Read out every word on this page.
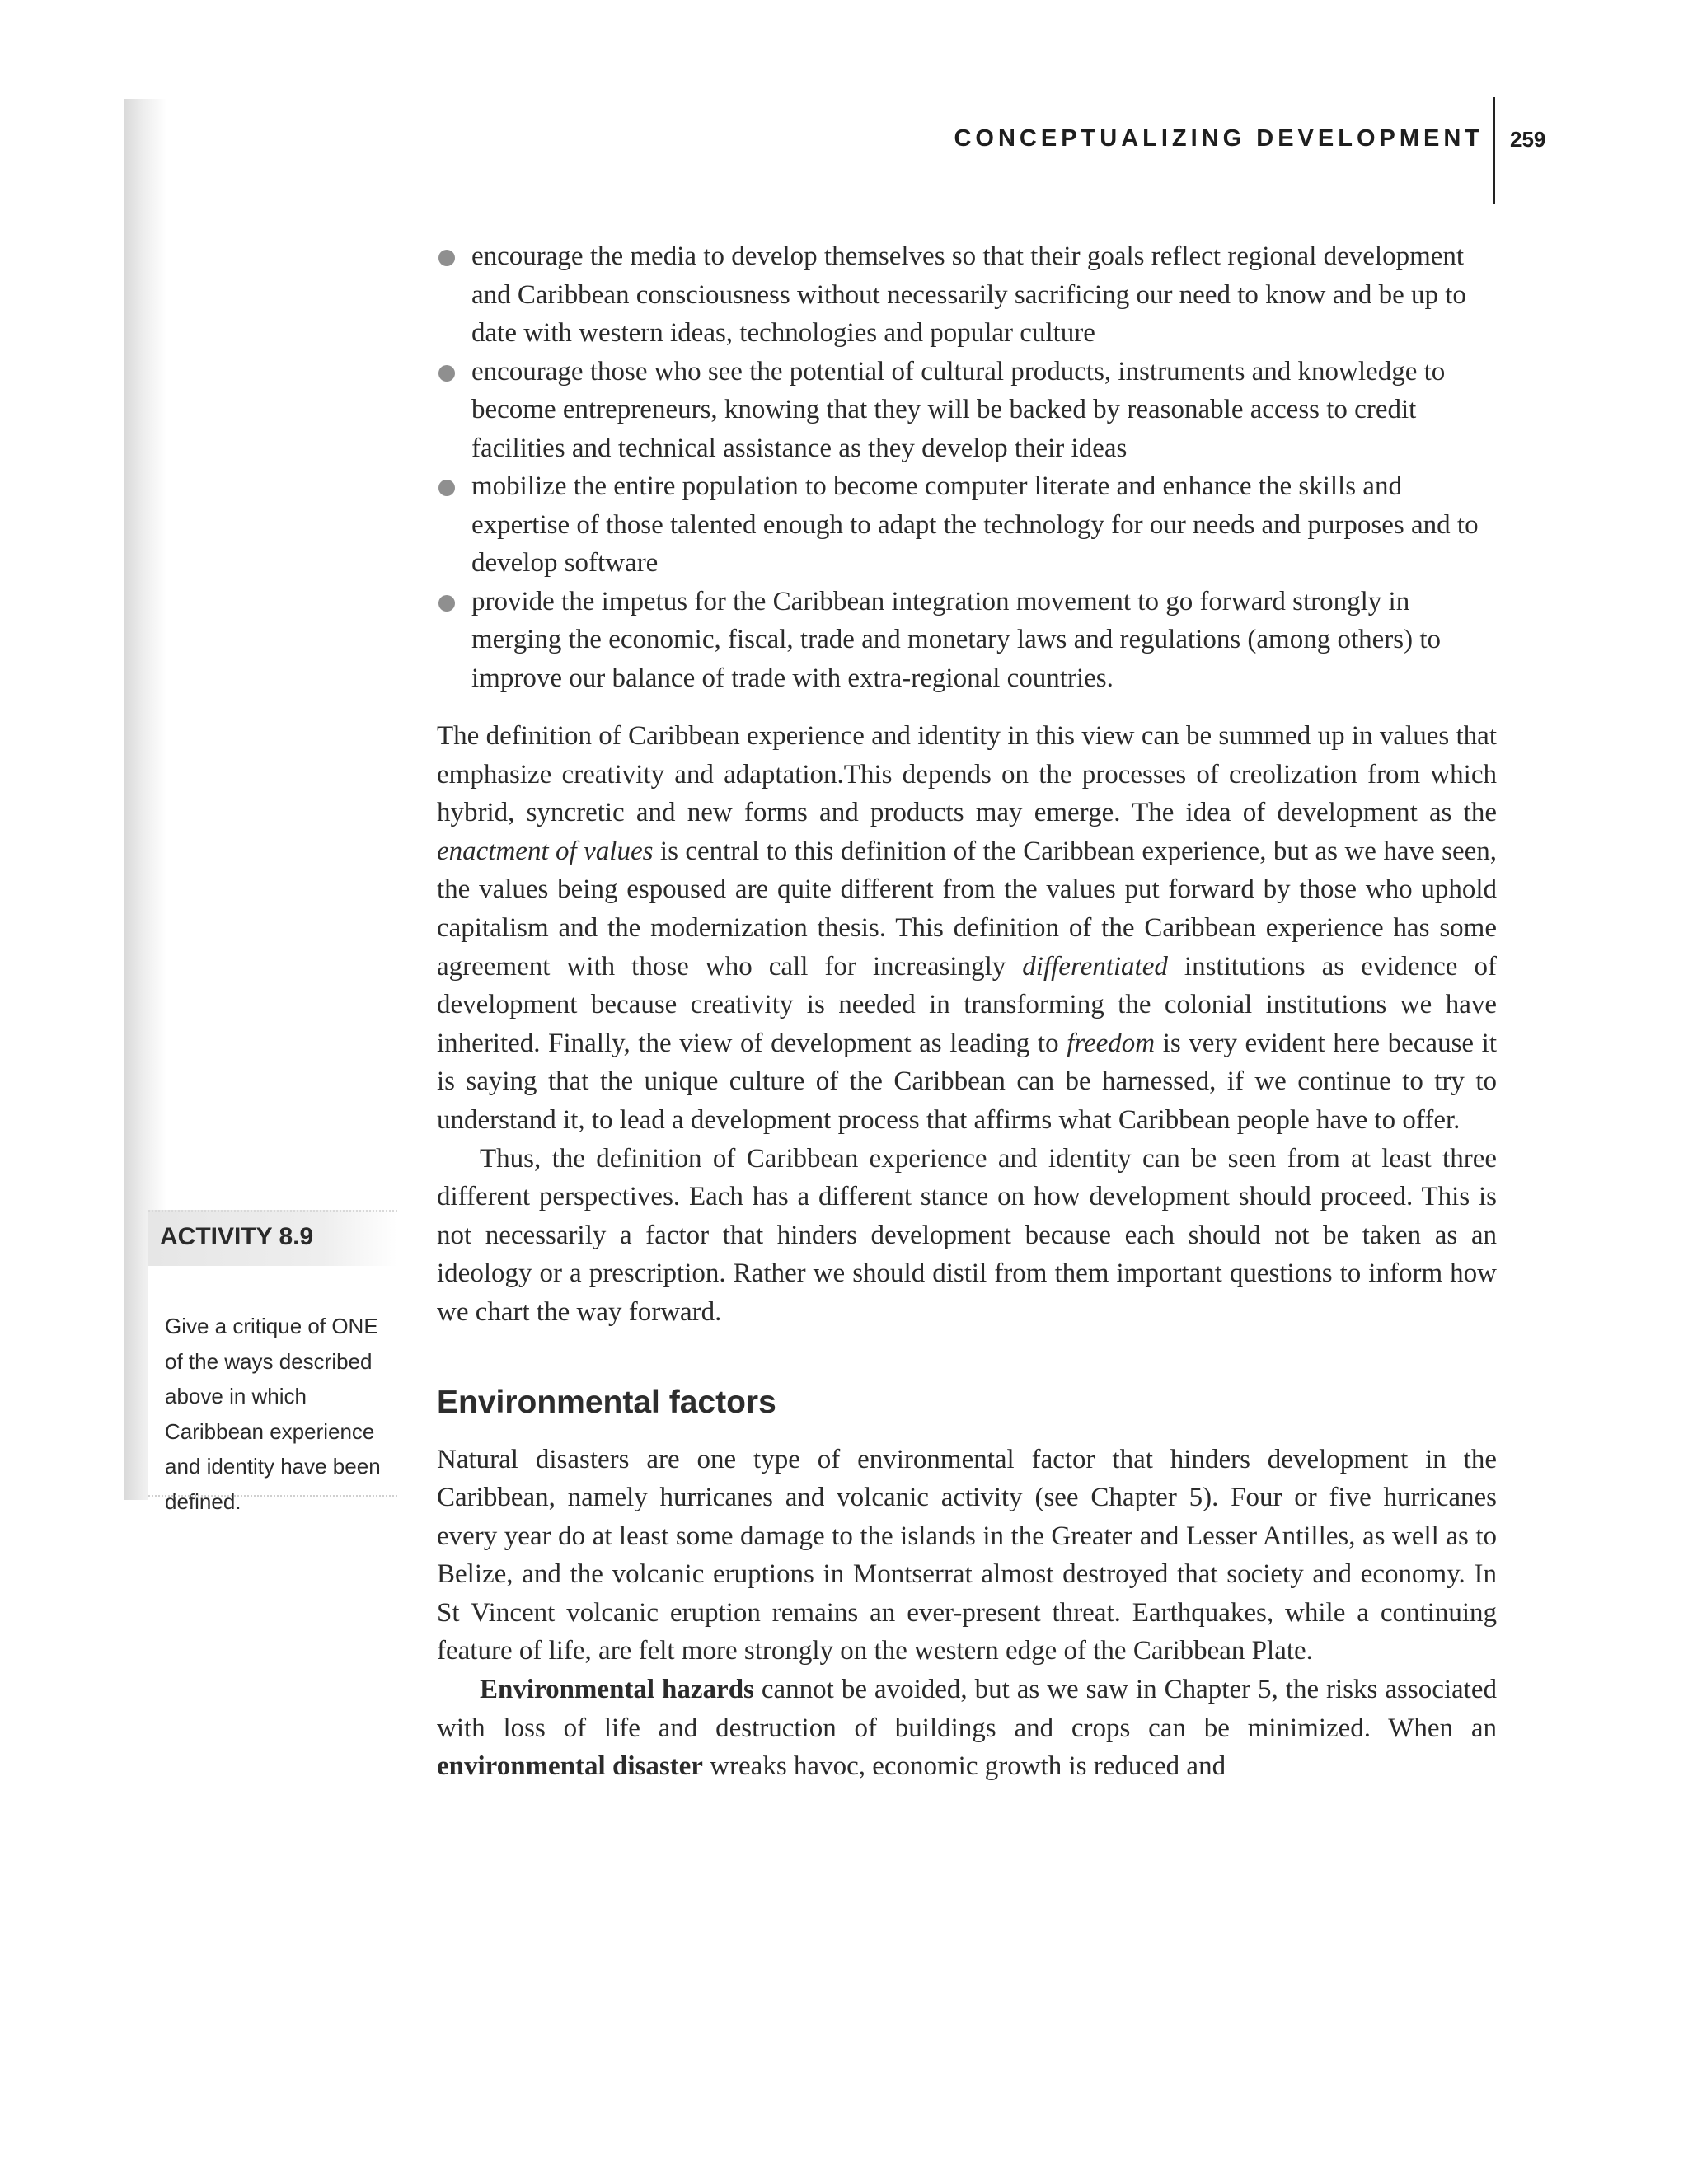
CONCEPTUALIZING DEVELOPMENT 259
ACTIVITY 8.9
Give a critique of ONE of the ways described above in which Caribbean experience and identity have been defined.
encourage the media to develop themselves so that their goals reflect regional development and Caribbean consciousness without necessarily sacrificing our need to know and be up to date with western ideas, technologies and popular culture
encourage those who see the potential of cultural products, instruments and knowledge to become entrepreneurs, knowing that they will be backed by reasonable access to credit facilities and technical assistance as they develop their ideas
mobilize the entire population to become computer literate and enhance the skills and expertise of those talented enough to adapt the technology for our needs and purposes and to develop software
provide the impetus for the Caribbean integration movement to go forward strongly in merging the economic, fiscal, trade and monetary laws and regulations (among others) to improve our balance of trade with extra-regional countries.

The definition of Caribbean experience and identity in this view can be summed up in values that emphasize creativity and adaptation.This depends on the processes of creolization from which hybrid, syncretic and new forms and products may emerge. The idea of development as the enactment of values is central to this definition of the Caribbean experience, but as we have seen, the values being espoused are quite different from the values put forward by those who uphold capitalism and the modernization thesis. This definition of the Caribbean experience has some agreement with those who call for increasingly differentiated institutions as evidence of development because creativity is needed in transforming the colonial institutions we have inherited. Finally, the view of development as leading to freedom is very evident here because it is saying that the unique culture of the Caribbean can be harnessed, if we continue to try to understand it, to lead a development process that affirms what Caribbean people have to offer.

Thus, the definition of Caribbean experience and identity can be seen from at least three different perspectives. Each has a different stance on how development should proceed. This is not necessarily a factor that hinders development because each should not be taken as an ideology or a prescription. Rather we should distil from them important questions to inform how we chart the way forward.

Environmental factors

Natural disasters are one type of environmental factor that hinders development in the Caribbean, namely hurricanes and volcanic activity (see Chapter 5). Four or five hurricanes every year do at least some damage to the islands in the Greater and Lesser Antilles, as well as to Belize, and the volcanic eruptions in Montserrat almost destroyed that society and economy. In St Vincent volcanic eruption remains an ever-present threat. Earthquakes, while a continuing feature of life, are felt more strongly on the western edge of the Caribbean Plate.

Environmental hazards cannot be avoided, but as we saw in Chapter 5, the risks associated with loss of life and destruction of buildings and crops can be minimized. When an environmental disaster wreaks havoc, economic growth is reduced and
